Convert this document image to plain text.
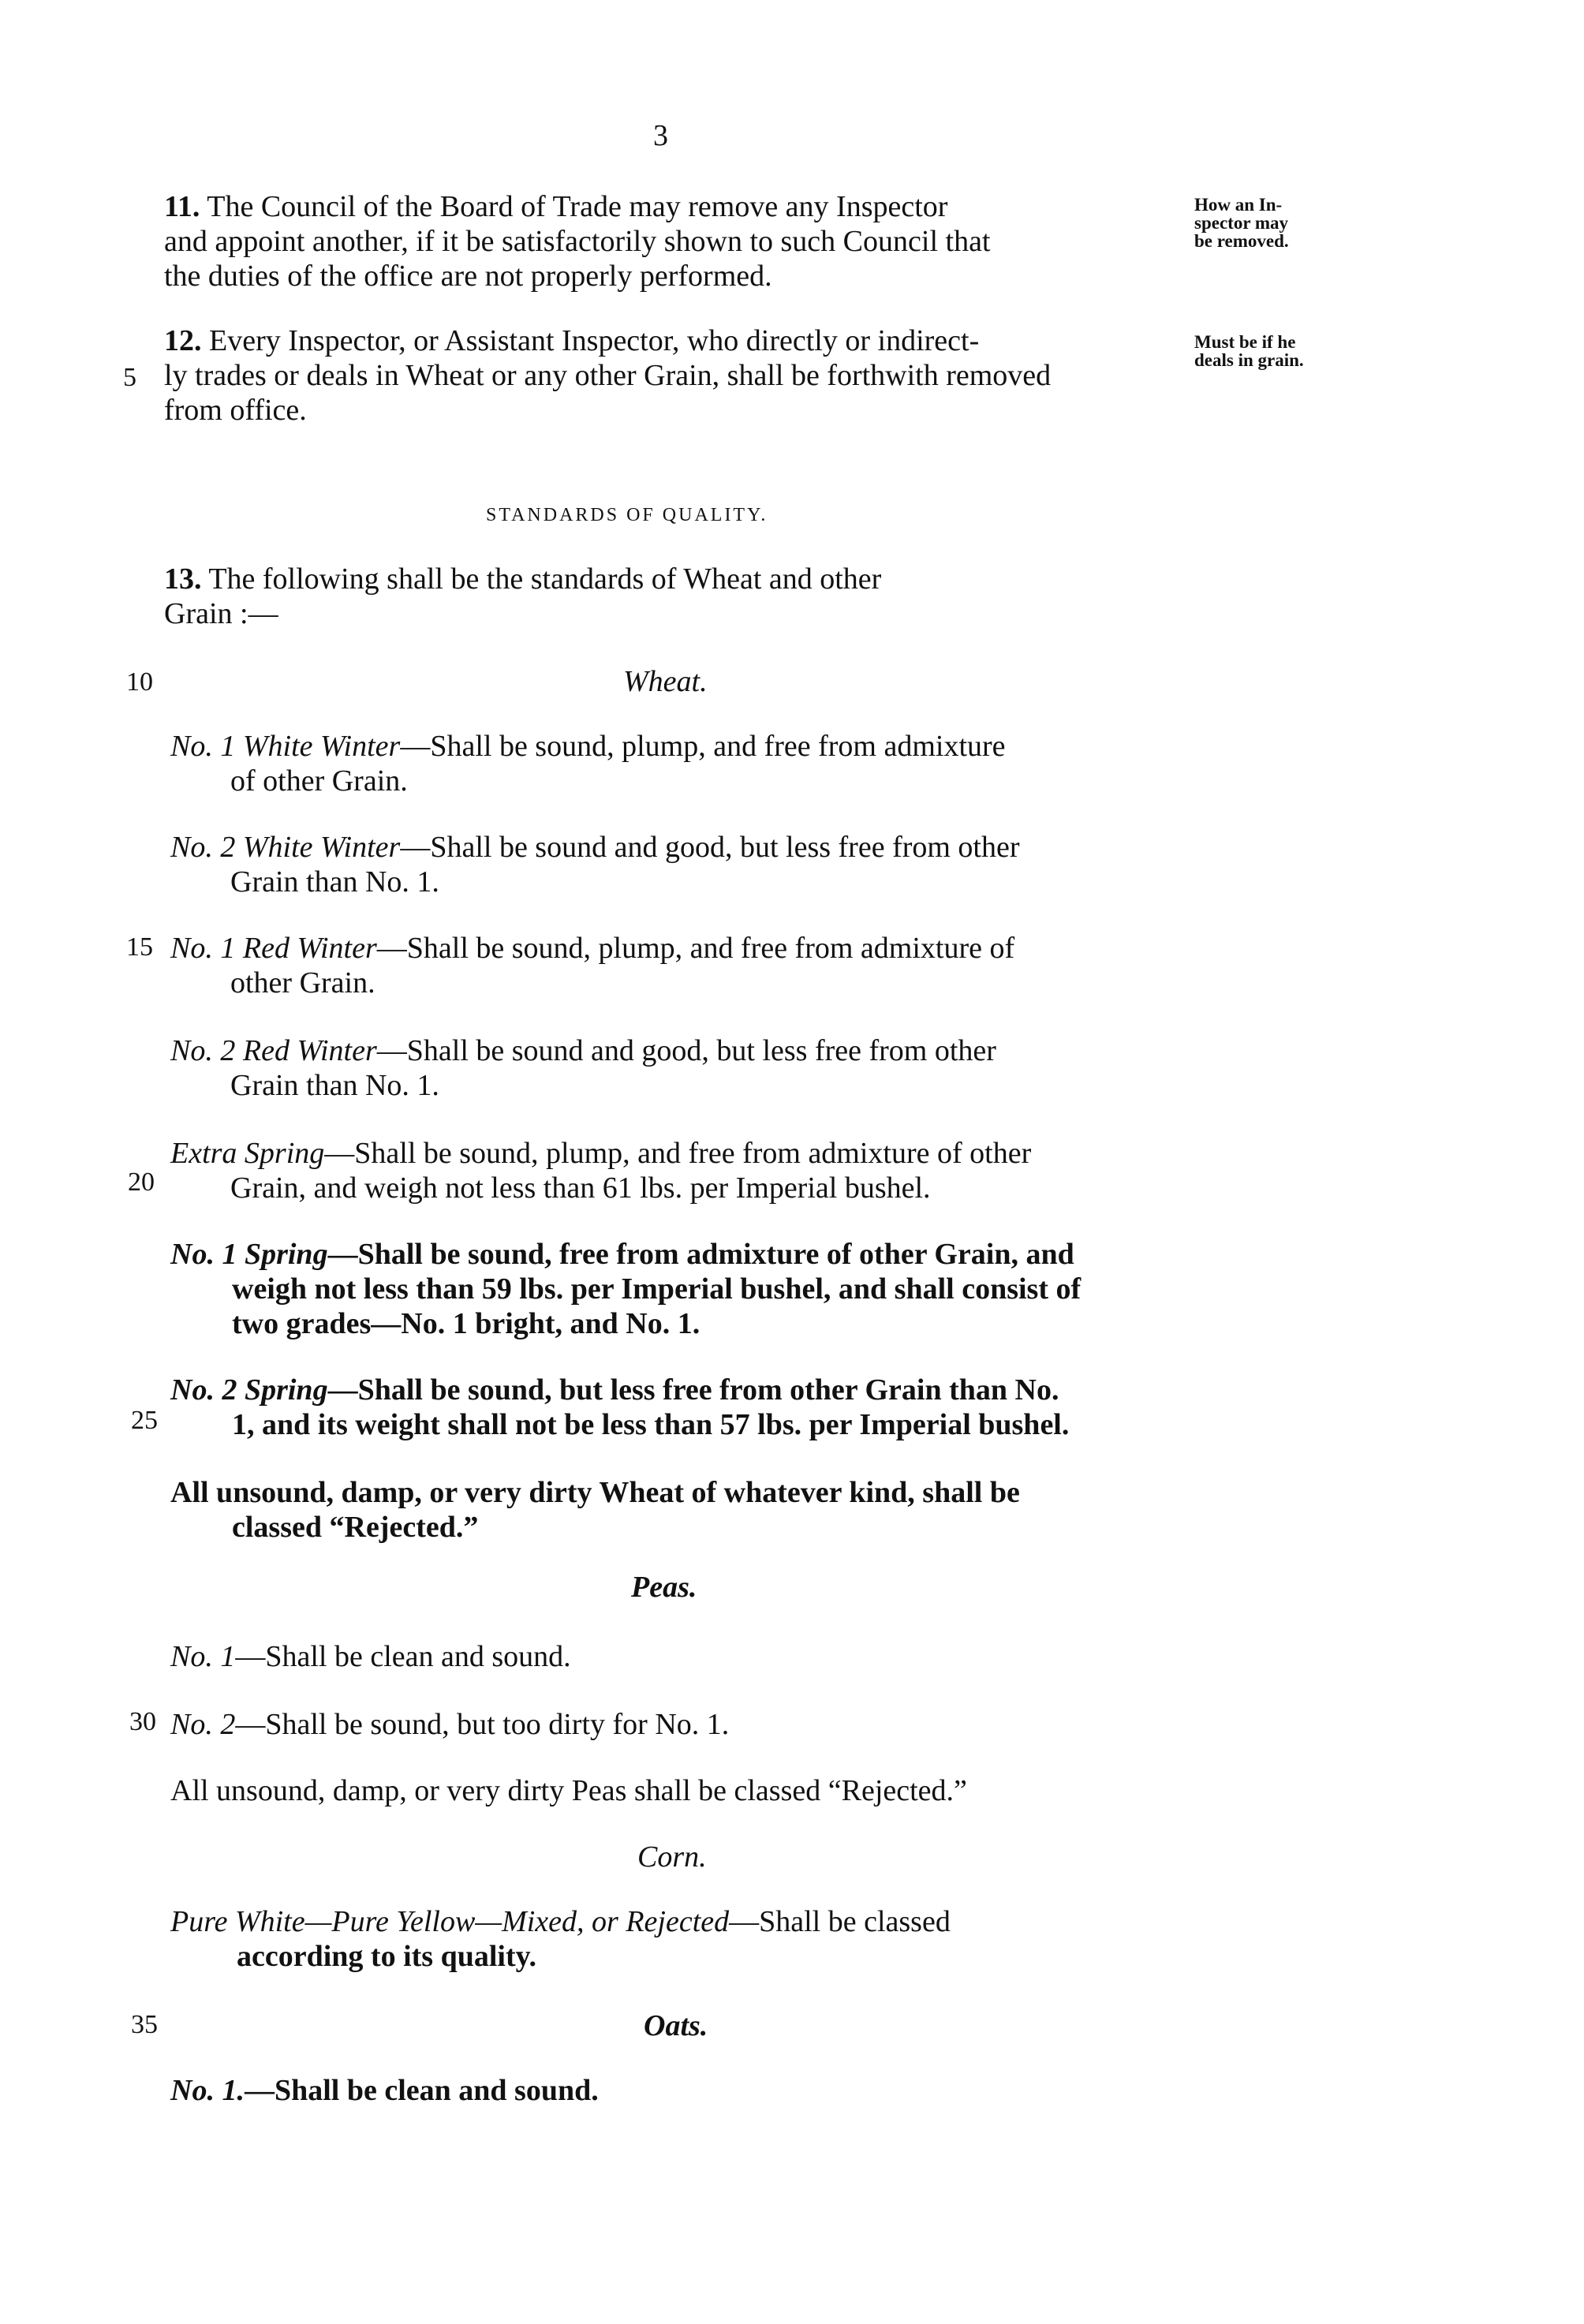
3

11. The Council of the Board of Trade may remove any Inspector

and appoint another, if it be satisfactorily shown to such Council that

the duties of the office are not properly performed.

How an In-
spector may
be removed.

12. Every Inspector, or Assistant Inspector, who directly or indirect-

ly trades or deals in Wheat or any other Grain, shall be forthwith removed

from office.

Must be if he
deals in grain.
STANDARDS OF QUALITY.

13. The following shall be the standards of Wheat and other

Grain :—

Wheat.

No. 1 White Winter—Shall be sound, plump, and free from admixture

of other Grain.

No. 2 White Winter—Shall be sound and good, but less free from other

Grain than No. 1.

No. 1 Red Winter—Shall be sound, plump, and free from admixture of

other Grain.

No. 2 Red Winter—Shall be sound and good, but less free from other

Grain than No. 1.

Extra Spring—Shall be sound, plump, and free from admixture of other

Grain, and weigh not less than 61 lbs. per Imperial bushel.

No. 1 Spring—Shall be sound, free from admixture of other Grain, and

weigh not less than 59 lbs. per Imperial bushel, and shall consist of

two grades—No. 1 bright, and No. 1.

No. 2 Spring—Shall be sound, but less free from other Grain than No.

1, and its weight shall not be less than 57 lbs. per Imperial bushel.

All unsound, damp, or very dirty Wheat of whatever kind, shall be

classed “Rejected.”

Peas.

No. 1—Shall be clean and sound.

No. 2—Shall be sound, but too dirty for No. 1.

All unsound, damp, or very dirty Peas shall be classed “Rejected.”

Corn.

Pure White—Pure Yellow—Mixed, or Rejected—Shall be classed

according to its quality.

Oats.

No. 1.—Shall be clean and sound.

5
10
15
20
25
30
35
